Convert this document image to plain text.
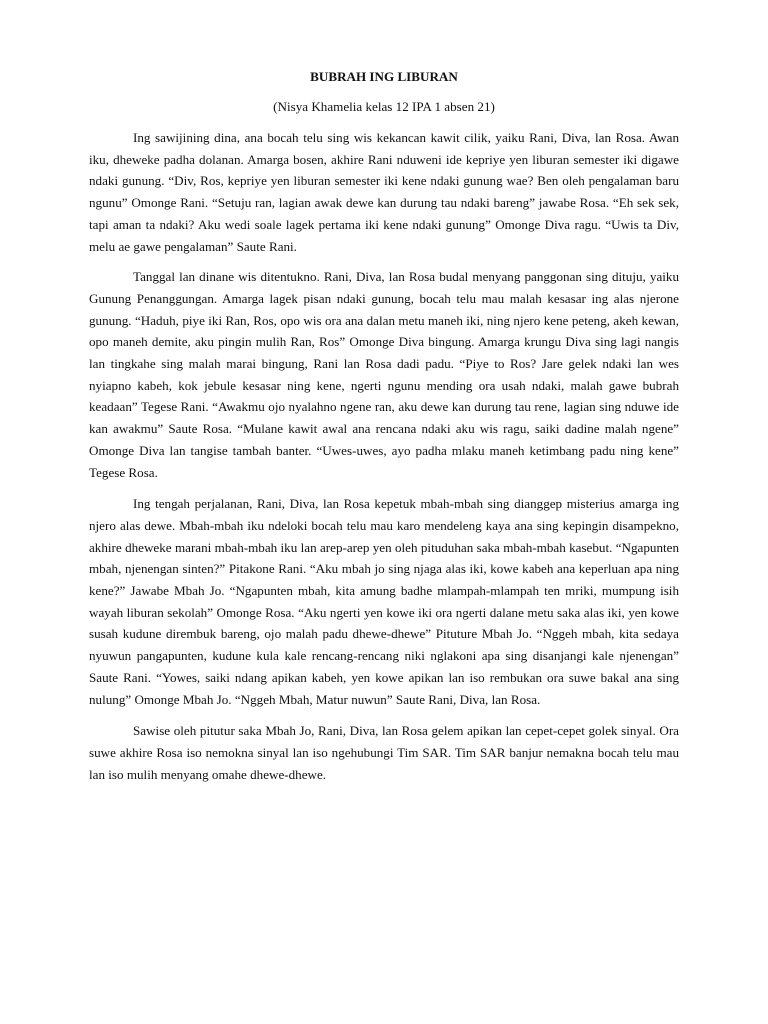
BUBRAH ING LIBURAN

(Nisya Khamelia kelas 12 IPA 1 absen 21)

Ing sawijining dina, ana bocah telu sing wis kekancan kawit cilik, yaiku Rani, Diva, lan Rosa. Awan iku, dheweke padha dolanan. Amarga bosen, akhire Rani nduweni ide kepriye yen liburan semester iki digawe ndaki gunung. “Div, Ros, kepriye yen liburan semester iki kene ndaki gunung wae? Ben oleh pengalaman baru ngunu” Omonge Rani. “Setuju ran, lagian awak dewe kan durung tau ndaki bareng” jawabe Rosa. “Eh sek sek, tapi aman ta ndaki? Aku wedi soale lagek pertama iki kene ndaki gunung” Omonge Diva ragu. “Uwis ta Div, melu ae gawe pengalaman” Saute Rani.

Tanggal lan dinane wis ditentukno. Rani, Diva, lan Rosa budal menyang panggonan sing dituju, yaiku Gunung Penanggungan. Amarga lagek pisan ndaki gunung, bocah telu mau malah kesasar ing alas njerone gunung. “Haduh, piye iki Ran, Ros, opo wis ora ana dalan metu maneh iki, ning njero kene peteng, akeh kewan, opo maneh demite, aku pingin mulih Ran, Ros” Omonge Diva bingung. Amarga krungu Diva sing lagi nangis lan tingkahe sing malah marai bingung, Rani lan Rosa dadi padu. “Piye to Ros? Jare gelek ndaki lan wes nyiapno kabeh, kok jebule kesasar ning kene, ngerti ngunu mending ora usah ndaki, malah gawe bubrah keadaan” Tegese Rani. “Awakmu ojo nyalahno ngene ran, aku dewe kan durung tau rene, lagian sing nduwe ide kan awakmu” Saute Rosa. “Mulane kawit awal ana rencana ndaki aku wis ragu, saiki dadine malah ngene” Omonge Diva lan tangise tambah banter. “Uwes-uwes, ayo padha mlaku maneh ketimbang padu ning kene” Tegese Rosa.

Ing tengah perjalanan, Rani, Diva, lan Rosa kepetuk mbah-mbah sing dianggep misterius amarga ing njero alas dewe. Mbah-mbah iku ndeloki bocah telu mau karo mendeleng kaya ana sing kepingin disampekno, akhire dheweke marani mbah-mbah iku lan arep-arep yen oleh pituduhan saka mbah-mbah kasebut. “Ngapunten mbah, njenengan sinten?” Pitakone Rani. “Aku mbah jo sing njaga alas iki, kowe kabeh ana keperluan apa ning kene?” Jawabe Mbah Jo. “Ngapunten mbah, kita amung badhe mlampah-mlampah ten mriki, mumpung isih wayah liburan sekolah” Omonge Rosa. “Aku ngerti yen kowe iki ora ngerti dalane metu saka alas iki, yen kowe susah kudune dirembuk bareng, ojo malah padu dhewe-dhewe” Pituture Mbah Jo. “Nggeh mbah, kita sedaya nyuwun pangapunten, kudune kula kale rencang-rencang niki nglakoni apa sing disanjangi kale njenengan” Saute Rani. “Yowes, saiki ndang apikan kabeh, yen kowe apikan lan iso rembukan ora suwe bakal ana sing nulung” Omonge Mbah Jo. “Nggeh Mbah, Matur nuwun” Saute Rani, Diva, lan Rosa.

Sawise oleh pitutur saka Mbah Jo, Rani, Diva, lan Rosa gelem apikan lan cepet-cepet golek sinyal. Ora suwe akhire Rosa iso nemokna sinyal lan iso ngehubungi Tim SAR. Tim SAR banjur nemakna bocah telu mau lan iso mulih menyang omahe dhewe-dhewe.
